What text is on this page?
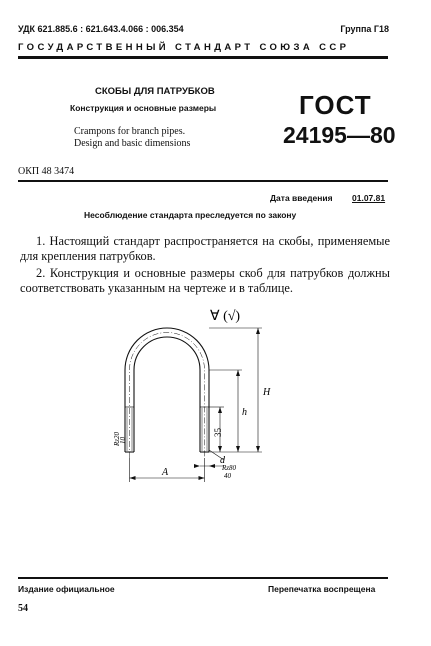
УДК 621.885.6 : 621.643.4.066 : 006.354	Группа Г18
ГОСУДАРСТВЕННЫЙ СТАНДАРТ СОЮЗА ССР
СКОБЫ ДЛЯ ПАТРУБКОВ
Конструкция и основные размеры
Crampons for branch pipes.
Design and basic dimensions
ГОСТ
24195—80
ОКП 48 3474
Дата введения 01.07.81
Несоблюдение стандарта преследуется по закону

1. Настоящий стандарт распространяется на скобы, применяемые для крепления патрубков.

2. Конструкция и основные размеры скоб для патрубков должны соответствовать указанным на чертеже и в таблице.

∀ (√)
H
h
35
A
d
Rz20
10
Rz80
40
Издание официальное	Перепечатка воспрещена
54
